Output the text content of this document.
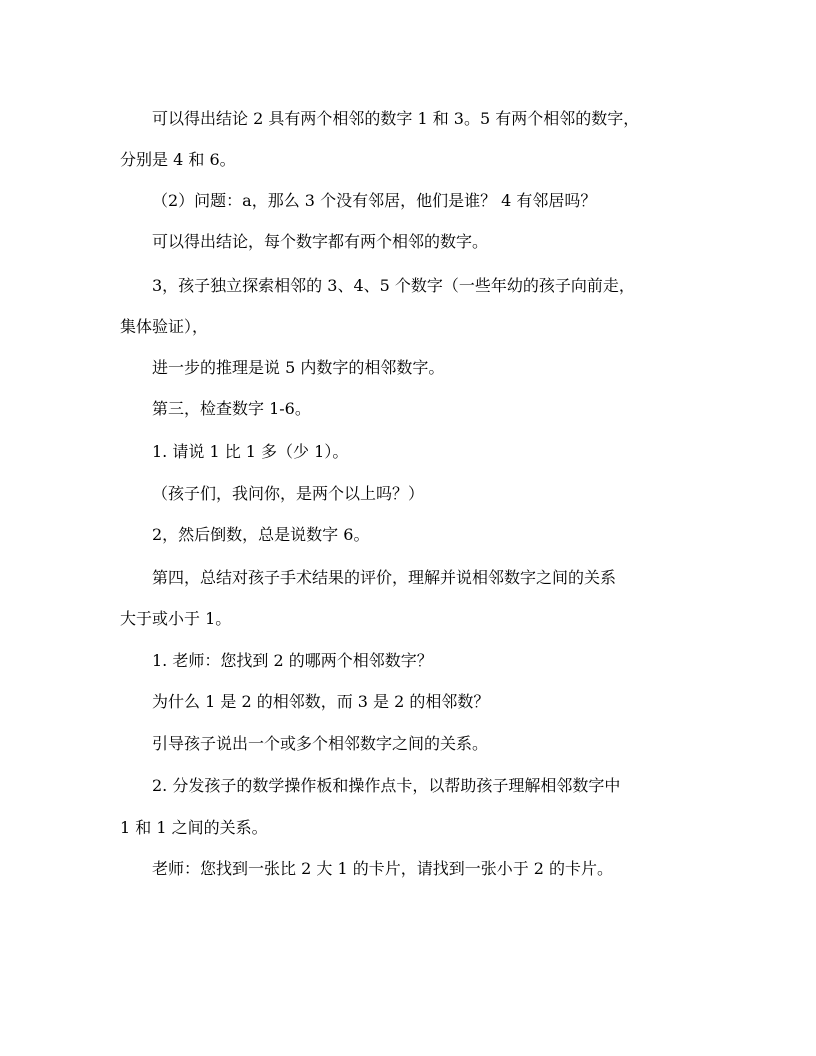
可以得出结论 2 具有两个相邻的数字 1 和 3。5 有两个相邻的数字，

分别是 4 和 6。

（2）问题：a，那么 3 个没有邻居，他们是谁？ 4 有邻居吗？

可以得出结论，每个数字都有两个相邻的数字。

3，孩子独立探索相邻的 3、4、5 个数字（一些年幼的孩子向前走，

集体验证），

进一步的推理是说 5 内数字的相邻数字。

第三，检查数字 1-6。

1. 请说 1 比 1 多（少 1）。

（孩子们，我问你，是两个以上吗？）

2，然后倒数，总是说数字 6。

第四，总结对孩子手术结果的评价，理解并说相邻数字之间的关系

大于或小于 1。

1. 老师：您找到 2 的哪两个相邻数字？

为什么 1 是 2 的相邻数，而 3 是 2 的相邻数？

引导孩子说出一个或多个相邻数字之间的关系。

2. 分发孩子的数学操作板和操作点卡，以帮助孩子理解相邻数字中

1 和 1 之间的关系。

老师：您找到一张比 2 大 1 的卡片，请找到一张小于 2 的卡片。
